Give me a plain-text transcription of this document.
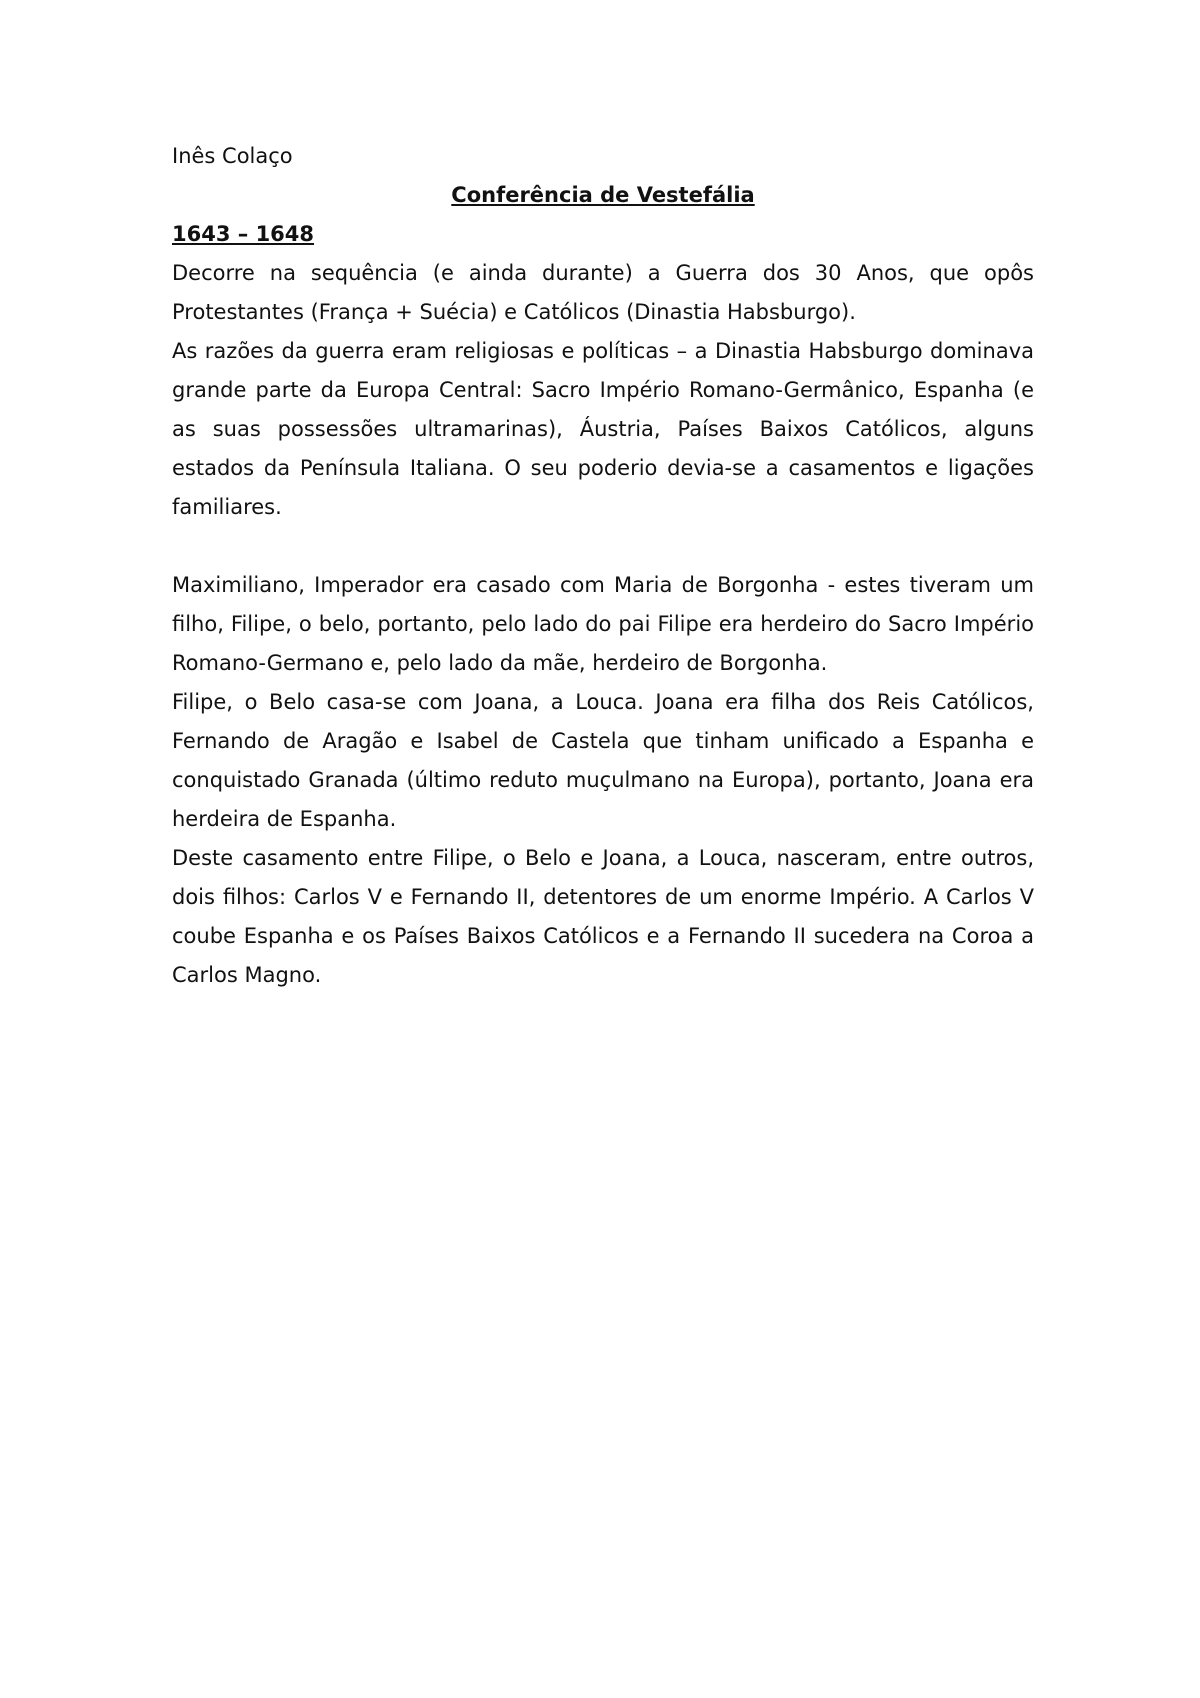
Inês Colaço

Conferência de Vestefália

1643 – 1648

Decorre na sequência (e ainda durante) a Guerra dos 30 Anos, que opôs Protestantes (França + Suécia) e Católicos (Dinastia Habsburgo).

As razões da guerra eram religiosas e políticas – a Dinastia Habsburgo dominava grande parte da Europa Central: Sacro Império Romano-Germânico, Espanha (e as suas possessões ultramarinas), Áustria, Países Baixos Católicos, alguns estados da Península Italiana. O seu poderio devia-se a casamentos e ligações familiares.

Maximiliano, Imperador era casado com Maria de Borgonha - estes tiveram um filho, Filipe, o belo, portanto, pelo lado do pai Filipe era herdeiro do Sacro Império Romano-Germano e, pelo lado da mãe, herdeiro de Borgonha.

Filipe, o Belo casa-se com Joana, a Louca. Joana era filha dos Reis Católicos, Fernando de Aragão e Isabel de Castela que tinham unificado a Espanha e conquistado Granada (último reduto muçulmano na Europa), portanto, Joana era herdeira de Espanha.

Deste casamento entre Filipe, o Belo e Joana, a Louca, nasceram, entre outros, dois filhos: Carlos V e Fernando II, detentores de um enorme Império. A Carlos V coube Espanha e os Países Baixos Católicos e a Fernando II sucedera na Coroa a Carlos Magno.
